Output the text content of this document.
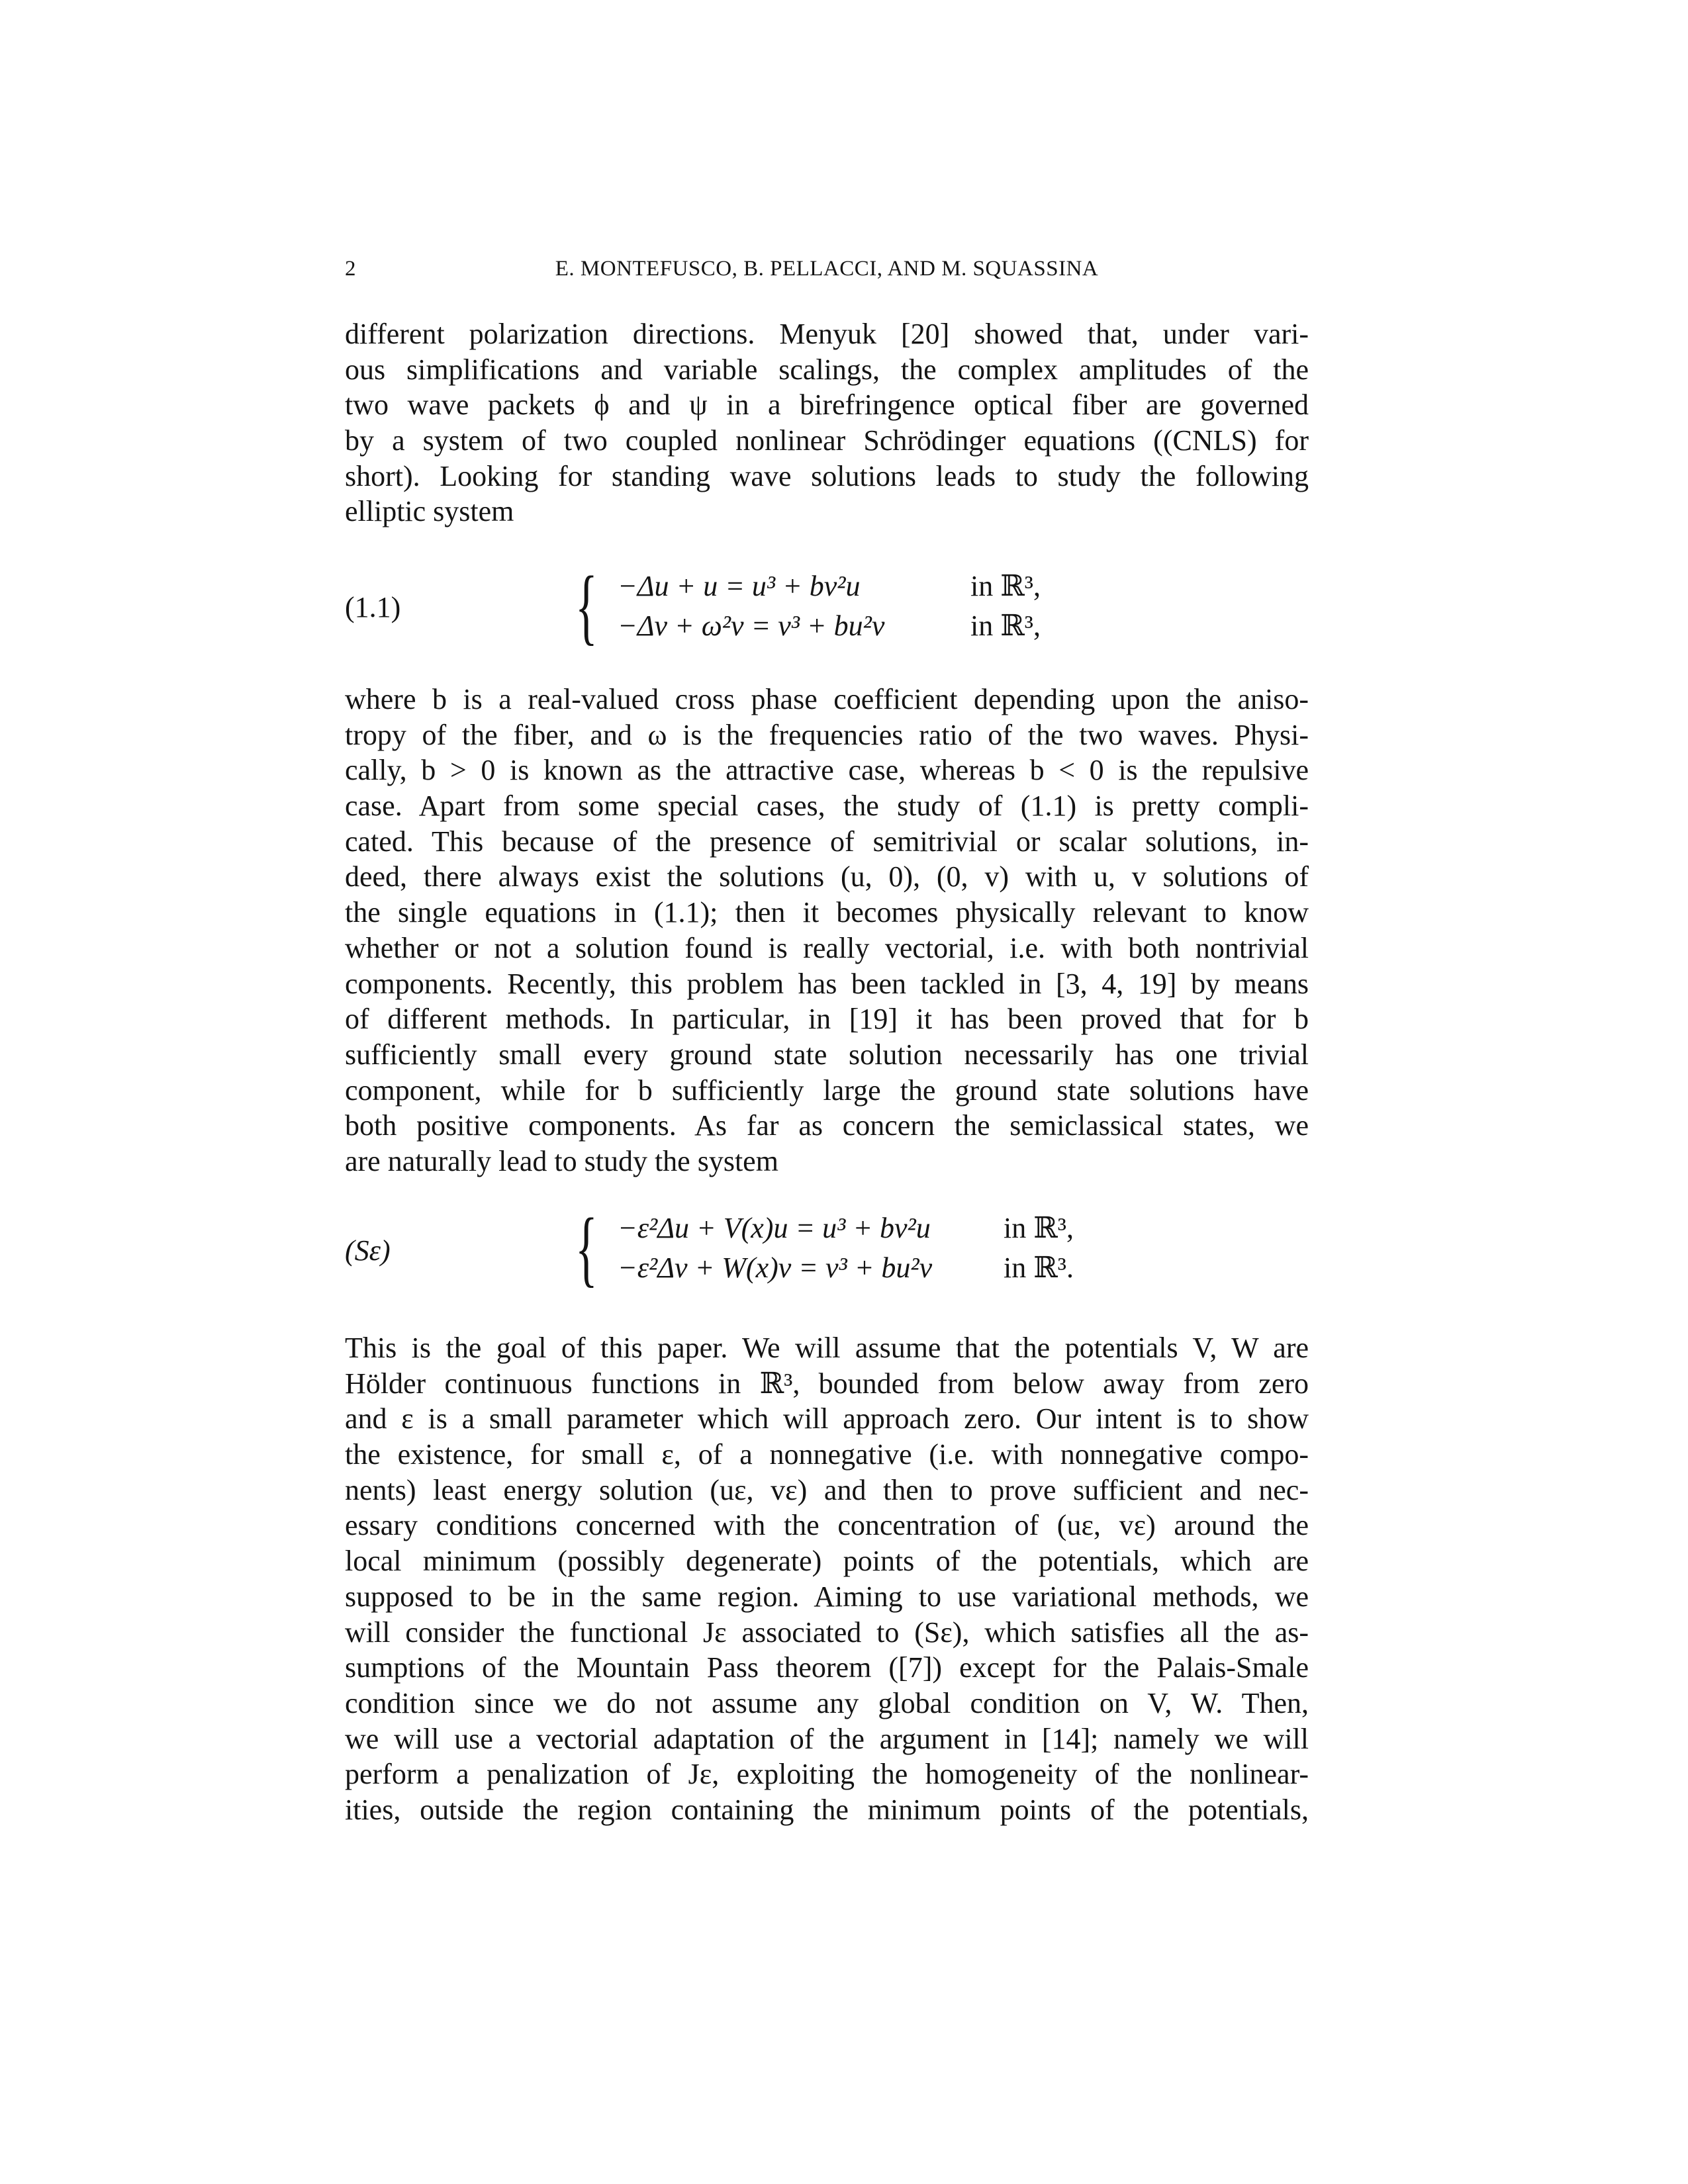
2	E. MONTEFUSCO, B. PELLACCI, AND M. SQUASSINA
different polarization directions. Menyuk [20] showed that, under vari-
ous simplifications and variable scalings, the complex amplitudes of the
two wave packets ϕ and ψ in a birefringence optical fiber are governed
by a system of two coupled nonlinear Schrödinger equations ((CNLS) for
short). Looking for standing wave solutions leads to study the following
elliptic system
(1.1) { −Δu + u = u³ + bv²u	in ℝ³,
−Δv + ω²v = v³ + bu²v	in ℝ³,
where b is a real-valued cross phase coefficient depending upon the aniso-
tropy of the fiber, and ω is the frequencies ratio of the two waves. Physi-
cally, b > 0 is known as the attractive case, whereas b < 0 is the repulsive
case. Apart from some special cases, the study of (1.1) is pretty compli-
cated. This because of the presence of semitrivial or scalar solutions, in-
deed, there always exist the solutions (u, 0), (0, v) with u, v solutions of
the single equations in (1.1); then it becomes physically relevant to know
whether or not a solution found is really vectorial, i.e. with both nontrivial
components. Recently, this problem has been tackled in [3, 4, 19] by means
of different methods. In particular, in [19] it has been proved that for b
sufficiently small every ground state solution necessarily has one trivial
component, while for b sufficiently large the ground state solutions have
both positive components. As far as concern the semiclassical states, we
are naturally lead to study the system
(Sε) { −ε²Δu + V(x)u = u³ + bv²u	in ℝ³,
−ε²Δv + W(x)v = v³ + bu²v in ℝ³.
This is the goal of this paper. We will assume that the potentials V, W are
Hölder continuous functions in ℝ³, bounded from below away from zero
and ε is a small parameter which will approach zero. Our intent is to show
the existence, for small ε, of a nonnegative (i.e. with nonnegative compo-
nents) least energy solution (uε, vε) and then to prove sufficient and nec-
essary conditions concerned with the concentration of (uε, vε) around the
local minimum (possibly degenerate) points of the potentials, which are
supposed to be in the same region. Aiming to use variational methods, we
will consider the functional Jε associated to (Sε), which satisfies all the as-
sumptions of the Mountain Pass theorem ([7]) except for the Palais-Smale
condition since we do not assume any global condition on V, W. Then,
we will use a vectorial adaptation of the argument in [14]; namely we will
perform a penalization of Jε, exploiting the homogeneity of the nonlinear-
ities, outside the region containing the minimum points of the potentials,
